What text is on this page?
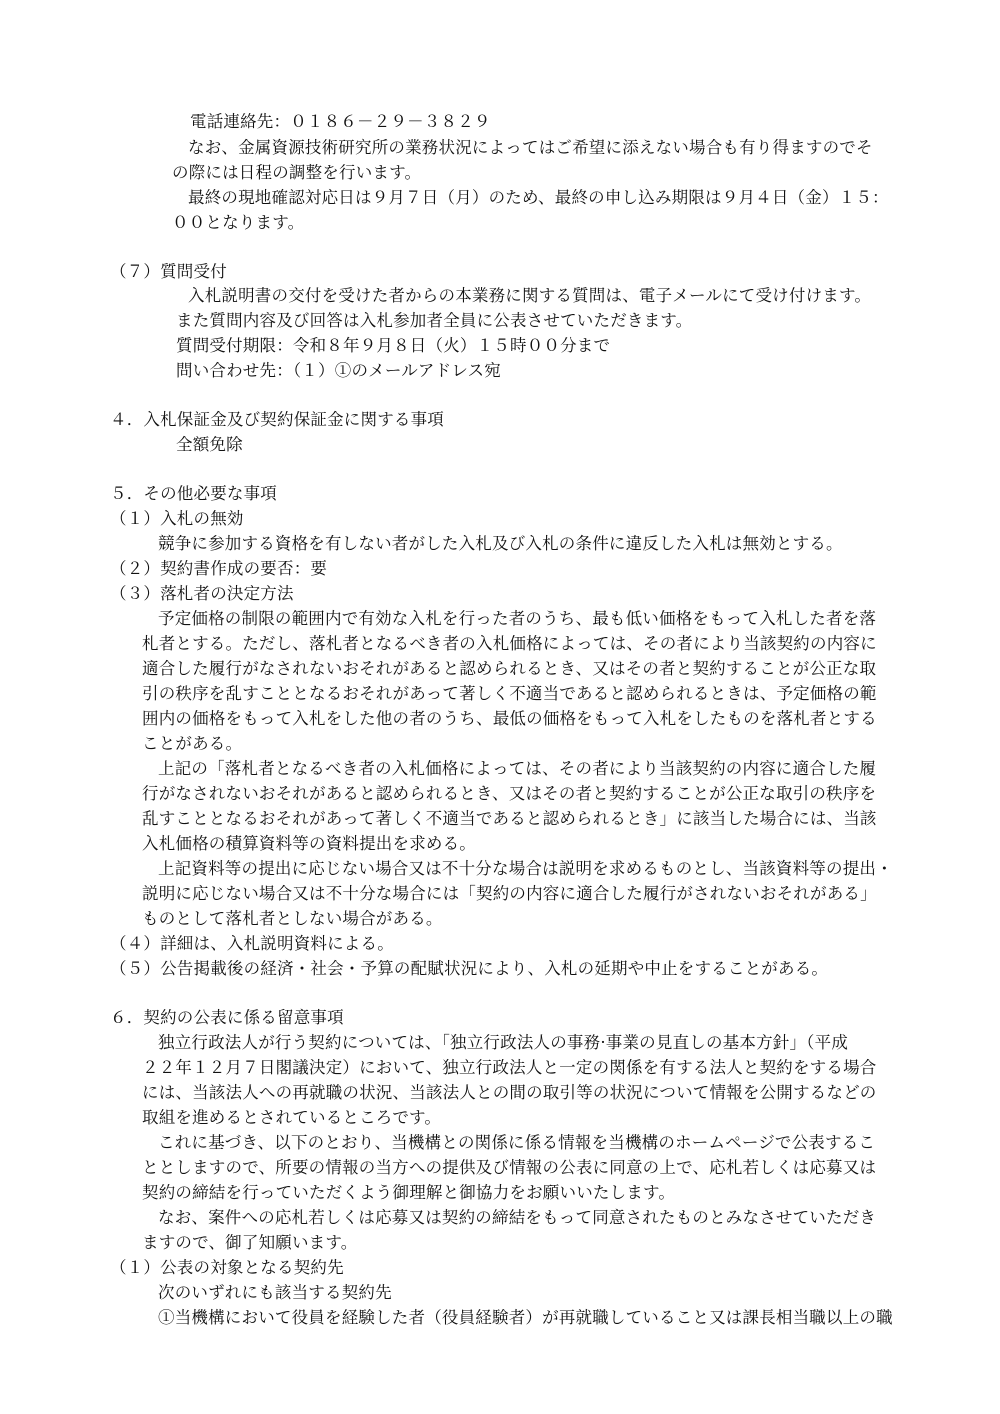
電話連絡先：０１８６－２９－３８２９
なお、金属資源技術研究所の業務状況によってはご希望に添えない場合も有り得ますのでそ
の際には日程の調整を行います。
最終の現地確認対応日は９月７日（月）のため、最終の申し込み期限は９月４日（金）１５：
００となります。
（７）質問受付
入札説明書の交付を受けた者からの本業務に関する質問は、電子メールにて受け付けます。
また質問内容及び回答は入札参加者全員に公表させていただきます。
質問受付期限：令和８年９月８日（火）１５時００分まで
問い合わせ先：（１）①のメールアドレス宛
４．入札保証金及び契約保証金に関する事項
全額免除
５．その他必要な事項
（１）入札の無効
競争に参加する資格を有しない者がした入札及び入札の条件に違反した入札は無効とする。
（２）契約書作成の要否：要
（３）落札者の決定方法
予定価格の制限の範囲内で有効な入札を行った者のうち、最も低い価格をもって入札した者を落
札者とする。ただし、落札者となるべき者の入札価格によっては、その者により当該契約の内容に
適合した履行がなされないおそれがあると認められるとき、又はその者と契約することが公正な取
引の秩序を乱すこととなるおそれがあって著しく不適当であると認められるときは、予定価格の範
囲内の価格をもって入札をした他の者のうち、最低の価格をもって入札をしたものを落札者とする
ことがある。
上記の「落札者となるべき者の入札価格によっては、その者により当該契約の内容に適合した履
行がなされないおそれがあると認められるとき、又はその者と契約することが公正な取引の秩序を
乱すこととなるおそれがあって著しく不適当であると認められるとき」に該当した場合には、当該
入札価格の積算資料等の資料提出を求める。
上記資料等の提出に応じない場合又は不十分な場合は説明を求めるものとし、当該資料等の提出・
説明に応じない場合又は不十分な場合には「契約の内容に適合した履行がされないおそれがある」
ものとして落札者としない場合がある。
（４）詳細は、入札説明資料による。
（５）公告掲載後の経済・社会・予算の配賦状況により、入札の延期や中止をすることがある。
６．契約の公表に係る留意事項
独立行政法人が行う契約については、「独立行政法人の事務·事業の見直しの基本方針」（平成
２２年１２月７日閣議決定）において、独立行政法人と一定の関係を有する法人と契約をする場合
には、当該法人への再就職の状況、当該法人との間の取引等の状況について情報を公開するなどの
取組を進めるとされているところです。
これに基づき、以下のとおり、当機構との関係に係る情報を当機構のホームページで公表するこ
ととしますので、所要の情報の当方への提供及び情報の公表に同意の上で、応札若しくは応募又は
契約の締結を行っていただくよう御理解と御協力をお願いいたします。
なお、案件への応札若しくは応募又は契約の締結をもって同意されたものとみなさせていただき
ますので、御了知願います。
（１）公表の対象となる契約先
次のいずれにも該当する契約先
①当機構において役員を経験した者（役員経験者）が再就職していること又は課長相当職以上の職
